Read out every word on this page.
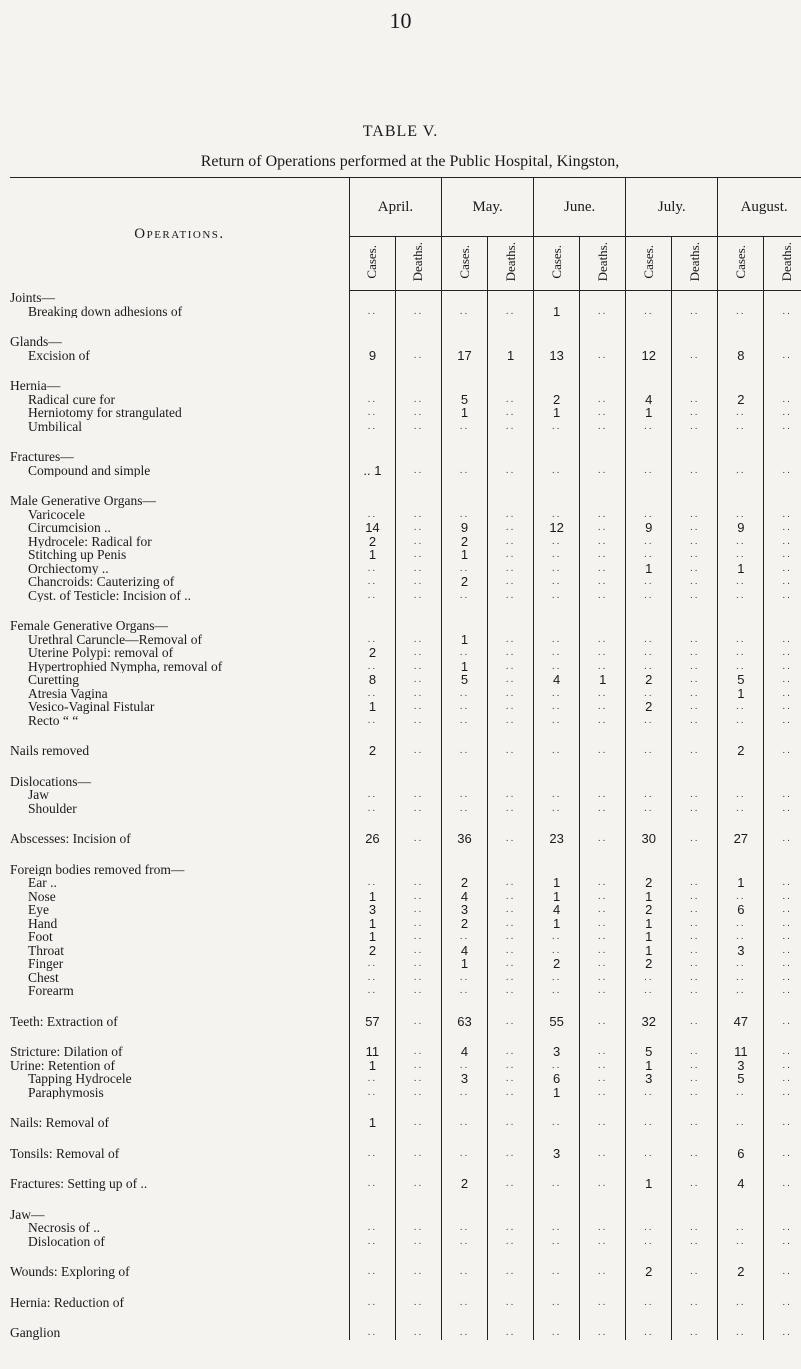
10
TABLE V.
Return of Operations performed at the Public Hospital, Kingston,
Operations.	April.		May.		June.		July.		August.	
	Cases.	Deaths.	Cases.	Deaths.	Cases.	Deaths.	Cases.	Deaths.	Cases.	Deaths.
Joints—										
Breaking down adhesions of	..	..	..	..	1	..	..	..	..	..

Glands—										
Excision of	9	..	17	1	13	..	12	..	8	..

Hernia—										
Radical cure for	..	..	5	..	2	..	4	..	2	..
Herniotomy for strangulated	..	..	1	..	1	..	1	..	..	..
Umbilical	..	..	..	..	..	..	..	..	..	..

Fractures—										
Compound and simple	.. 1	..	..	..	..	..	..	..	..	..

Male Generative Organs—										
Varicocele	..	..	..	..	..	..	..	..	..	..
Circumcision ..	14	..	9	..	12	..	9	..	9	..
Hydrocele: Radical for	2	..	2	..	..	..	..	..	..	..
Stitching up Penis	1	..	1	..	..	..	..	..	..	..
Orchiectomy ..	..	..	..	..	..	..	1	..	1	..
Chancroids: Cauterizing of	..	..	2	..	..	..	..	..	..	..
Cyst. of Testicle: Incision of ..	..	..	..	..	..	..	..	..	..	..

Female Generative Organs—										
Urethral Caruncle—Removal of	..	..	1	..	..	..	..	..	..	..
Uterine Polypi: removal of	2	..	..	..	..	..	..	..	..	..
Hypertrophied Nympha, removal of	..	..	1	..	..	..	..	..	..	..
Curetting	8	..	5	..	4	1	2	..	5	..
Atresia Vagina	..	..	..	..	..	..	..	..	1	..
Vesico-Vaginal Fistular	1	..	..	..	..	..	2	..	..	..
Recto “ “	..	..	..	..	..	..	..	..	..	..

Nails removed	2	..	..	..	..	..	..	..	2	..

Dislocations—										
Jaw	..	..	..	..	..	..	..	..	..	..
Shoulder	..	..	..	..	..	..	..	..	..	..

Abscesses: Incision of	26	..	36	..	23	..	30	..	27	..

Foreign bodies removed from—										
Ear ..	..	..	2	..	1	..	2	..	1	..
Nose	1	..	4	..	1	..	1	..	..	..
Eye	3	..	3	..	4	..	2	..	6	..
Hand	1	..	2	..	1	..	1	..	..	..
Foot	1	..	..	..	..	..	1	..	..	..
Throat	2	..	4	..	..	..	1	..	3	..
Finger	..	..	1	..	2	..	2	..	..	..
Chest	..	..	..	..	..	..	..	..	..	..
Forearm	..	..	..	..	..	..	..	..	..	..

Teeth: Extraction of	57	..	63	..	55	..	32	..	47	..

Stricture: Dilation of	11	..	4	..	3	..	5	..	11	..
Urine: Retention of	1	..	..	..	..	..	1	..	3	..
Tapping Hydrocele	..	..	3	..	6	..	3	..	5	..
Paraphymosis	..	..	..	..	1	..	..	..	..	..

Nails: Removal of	1	..	..	..	..	..	..	..	..	..

Tonsils: Removal of	..	..	..	..	3	..	..	..	6	..

Fractures: Setting up of ..	..	..	2	..	..	..	1	..	4	..

Jaw—										
Necrosis of ..	..	..	..	..	..	..	..	..	..	..
Dislocation of	..	..	..	..	..	..	..	..	..	..

Wounds: Exploring of	..	..	..	..	..	..	2	..	2	..

Hernia: Reduction of	..	..	..	..	..	..	..	..	..	..

Ganglion	..	..	..	..	..	..	..	..	..	..
